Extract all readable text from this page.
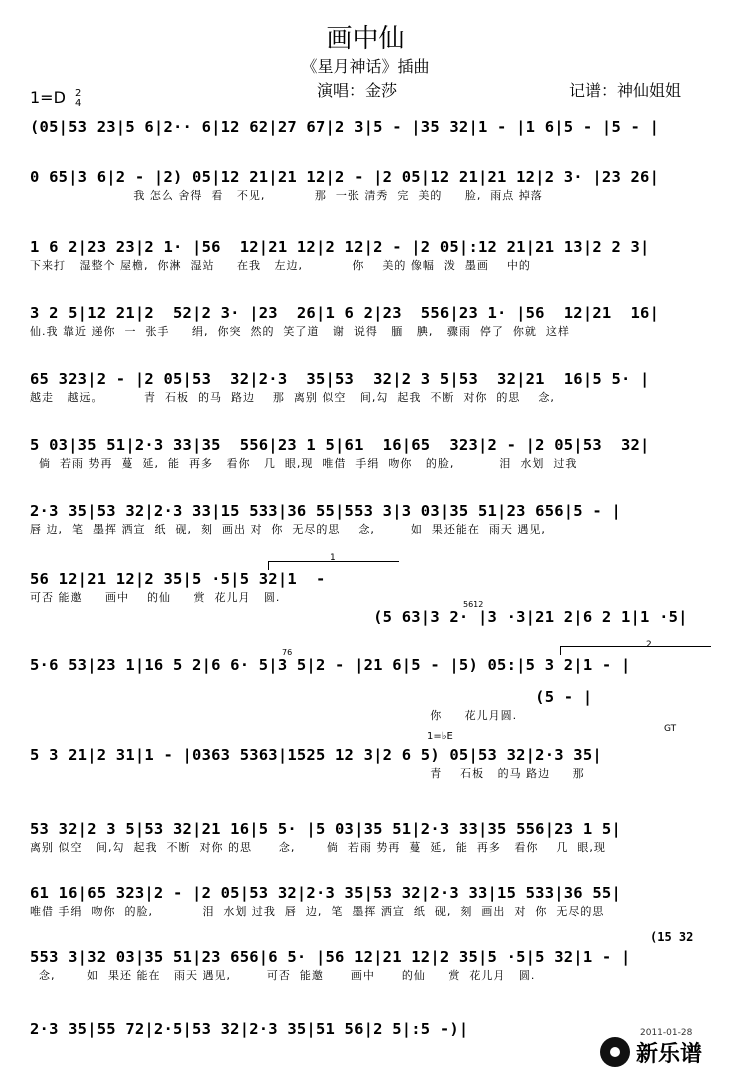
画中仙
《星月神话》插曲
1=D 2
4
演唱：金莎	记谱：神仙姐姐
(05|53 23|5 6|2·· 6|12 62|27 67|2 3|5 - |35 32|1 - |1 6|5 - |5 - |
0 65|3 6|2 - |2) 05|12 21|21 12|2 - |2 05|12 21|21 12|2 3· |23 26|
我 怎么 舍得  看   不见,           那  一张 清秀  完  美的     脸,  雨点 掉落
1 6 2|23 23|2 1· |56  12|21 12|2 12|2 - |2 05|:12 21|21 13|2 2 3|
下来打   湿整个 屋檐,  你淋  湿站     在我   左边,           你    美的 像幅  泼  墨画    中的
3 2 5|12 21|2  52|2 3· |23  26|1 6 2|23  556|23 1· |56  12|21  16|
仙.我 靠近 递你  一  张手     绢,  你突  然的  笑了道   谢  说得   腼   腆,   骤雨  停了  你就  这样
65 323|2 - |2 05|53  32|2·3  35|53  32|2 3 5|53  32|21  16|5 5· |
越走   越远。         青  石板  的马  路边    那  离别 似空   间,勾  起我  不断  对你  的思    念,
5 03|35 51|2·3 33|35  556|23 1 5|61  16|65  323|2 - |2 05|53  32|
倘  若雨 势再  蔓  延,  能  再多   看你   几  眼,现  唯借  手绢  吻你   的脸,          泪  水划  过我
2·3 35|53 32|2·3 33|15 533|36 55|553 3|3 03|35 51|23 656|5 - |
唇 边,  笔  墨挥 洒宣  纸  砚,  刻  画出 对  你  无尽的思    念,        如  果还能在  雨天 遇见,
1
56 12|21 12|2 35|5 ·5|5 32|1  -
可否 能邀     画中    的仙     赏  花儿月   圆.
5612
(5 63|3 2· |3 ·3|21 2|6 2 1|1 ·5|
2
76
5·6 53|23 1|16 5 2|6 6· 5|3 5|2 - |21 6|5 - |5) 05:|5 3 2|1 - |
(5 - |
你     花儿月圆.
1=♭E
GT
5 3 21|2 31|1 - |0363 5363|1525 12 3|2 6 5) 05|53 32|2·3 35|
青    石板   的马 路边     那
53 32|2 3 5|53 32|21 16|5 5· |5 03|35 51|2·3 33|35 556|23 1 5|
离别 似空   间,勾  起我  不断  对你 的思      念,       倘  若雨 势再  蔓  延,  能  再多   看你    几  眼,现
61 16|65 323|2 - |2 05|53 32|2·3 35|53 32|2·3 33|15 533|36 55|
唯借 手绢  吻你  的脸,           泪  水划 过我  唇  边,  笔  墨挥 洒宣  纸  砚,  刻  画出  对  你  无尽的思
(15 32
553 3|32 03|35 51|23 656|6 5· |56 12|21 12|2 35|5 ·5|5 32|1 - |
念,       如  果还 能在   雨天 遇见,        可否  能邀      画中      的仙     赏  花儿月   圆.
2·3 35|55 72|2·5|53 32|2·3 35|51 56|2 5|:5 -)|	2011-01-28
新乐谱
